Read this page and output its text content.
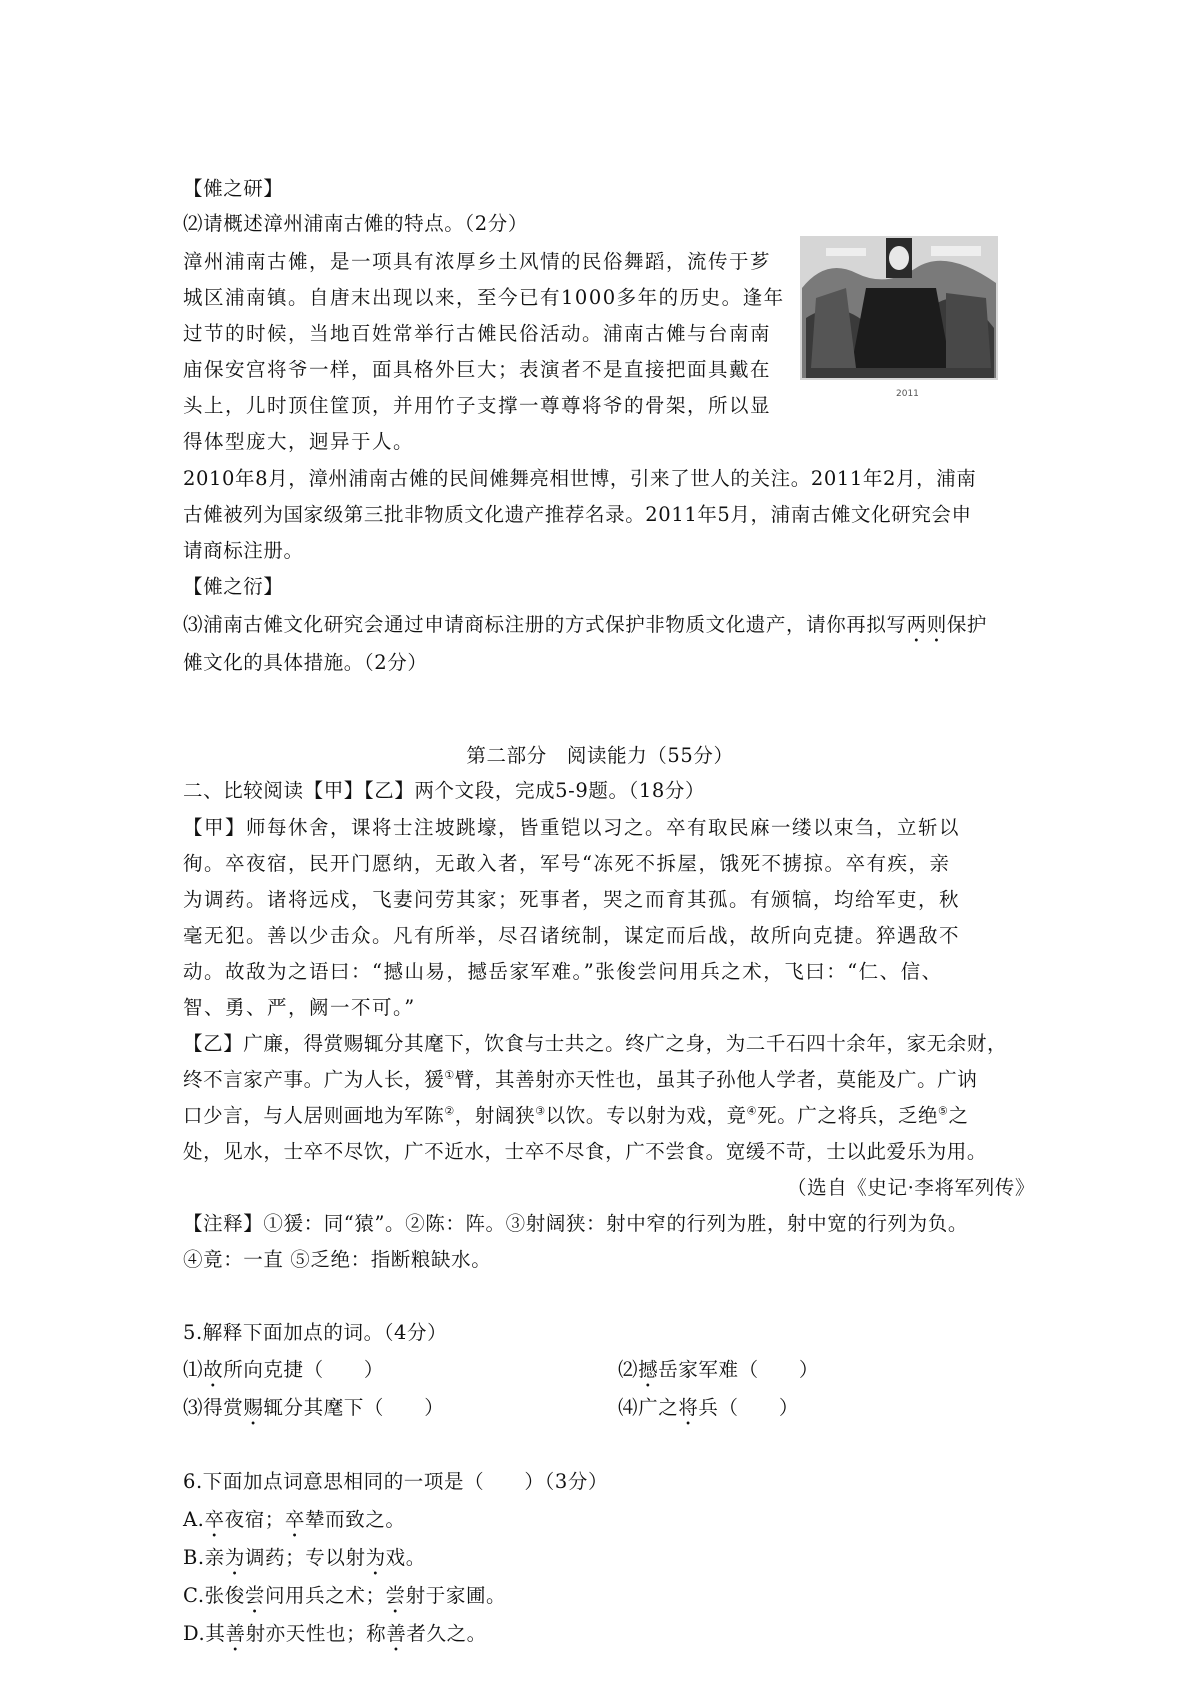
【傩之研】
⑵请概述漳州浦南古傩的特点。（2分）
漳州浦南古傩，是一项具有浓厚乡土风情的民俗舞蹈，流传于芗
城区浦南镇。自唐末出现以来，至今已有1000多年的历史。逢年
过节的时候，当地百姓常举行古傩民俗活动。浦南古傩与台南南
庙保安宫将爷一样，面具格外巨大；表演者不是直接把面具戴在
头上，儿时顶住筐顶，并用竹子支撑一尊尊将爷的骨架，所以显
得体型庞大，迥异于人。
2011
2010年8月，漳州浦南古傩的民间傩舞亮相世博，引来了世人的关注。2011年2月，浦南
古傩被列为国家级第三批非物质文化遗产推荐名录。2011年5月，浦南古傩文化研究会申
请商标注册。
【傩之衍】
⑶浦南古傩文化研究会通过申请商标注册的方式保护非物质文化遗产，请你再拟写两则保护
傩文化的具体措施。（2分）
第二部分　阅读能力（55分）
二、比较阅读【甲】【乙】两个文段，完成5-9题。（18分）
【甲】师每休舍，课将士注坡跳壕，皆重铠以习之。卒有取民麻一缕以束刍，立斩以
徇。卒夜宿，民开门愿纳，无敢入者，军号“冻死不拆屋，饿死不掳掠。卒有疾，亲
为调药。诸将远戍，飞妻问劳其家；死事者，哭之而育其孤。有颁犒，均给军吏，秋
毫无犯。善以少击众。凡有所举，尽召诸统制，谋定而后战，故所向克捷。猝遇敌不
动。故敌为之语曰：“撼山易，撼岳家军难。”张俊尝问用兵之术，飞曰：“仁、信、
智、勇、严，阙一不可。”
【乙】广廉，得赏赐辄分其麾下，饮食与士共之。终广之身，为二千石四十余年，家无余财，
终不言家产事。广为人长，猨①臂，其善射亦天性也，虽其子孙他人学者，莫能及广。广讷
口少言，与人居则画地为军陈②，射阔狭③以饮。专以射为戏，竟④死。广之将兵，乏绝⑤之
处，见水，士卒不尽饮，广不近水，士卒不尽食，广不尝食。宽缓不苛，士以此爱乐为用。
（选自《史记·李将军列传》
【注释】①猨：同“猿”。②陈：阵。③射阔狭：射中窄的行列为胜，射中宽的行列为负。
④竟：一直 ⑤乏绝：指断粮缺水。
5.解释下面加点的词。（4分）
⑴故所向克捷（　　）	⑵撼岳家军难（　　）
⑶得赏赐辄分其麾下（　　）	⑷广之将兵（　　）
6.下面加点词意思相同的一项是（　　）（3分）
A.卒夜宿；卒辇而致之。
B.亲为调药；专以射为戏。
C.张俊尝问用兵之术；尝射于家圃。
D.其善射亦天性也；称善者久之。
